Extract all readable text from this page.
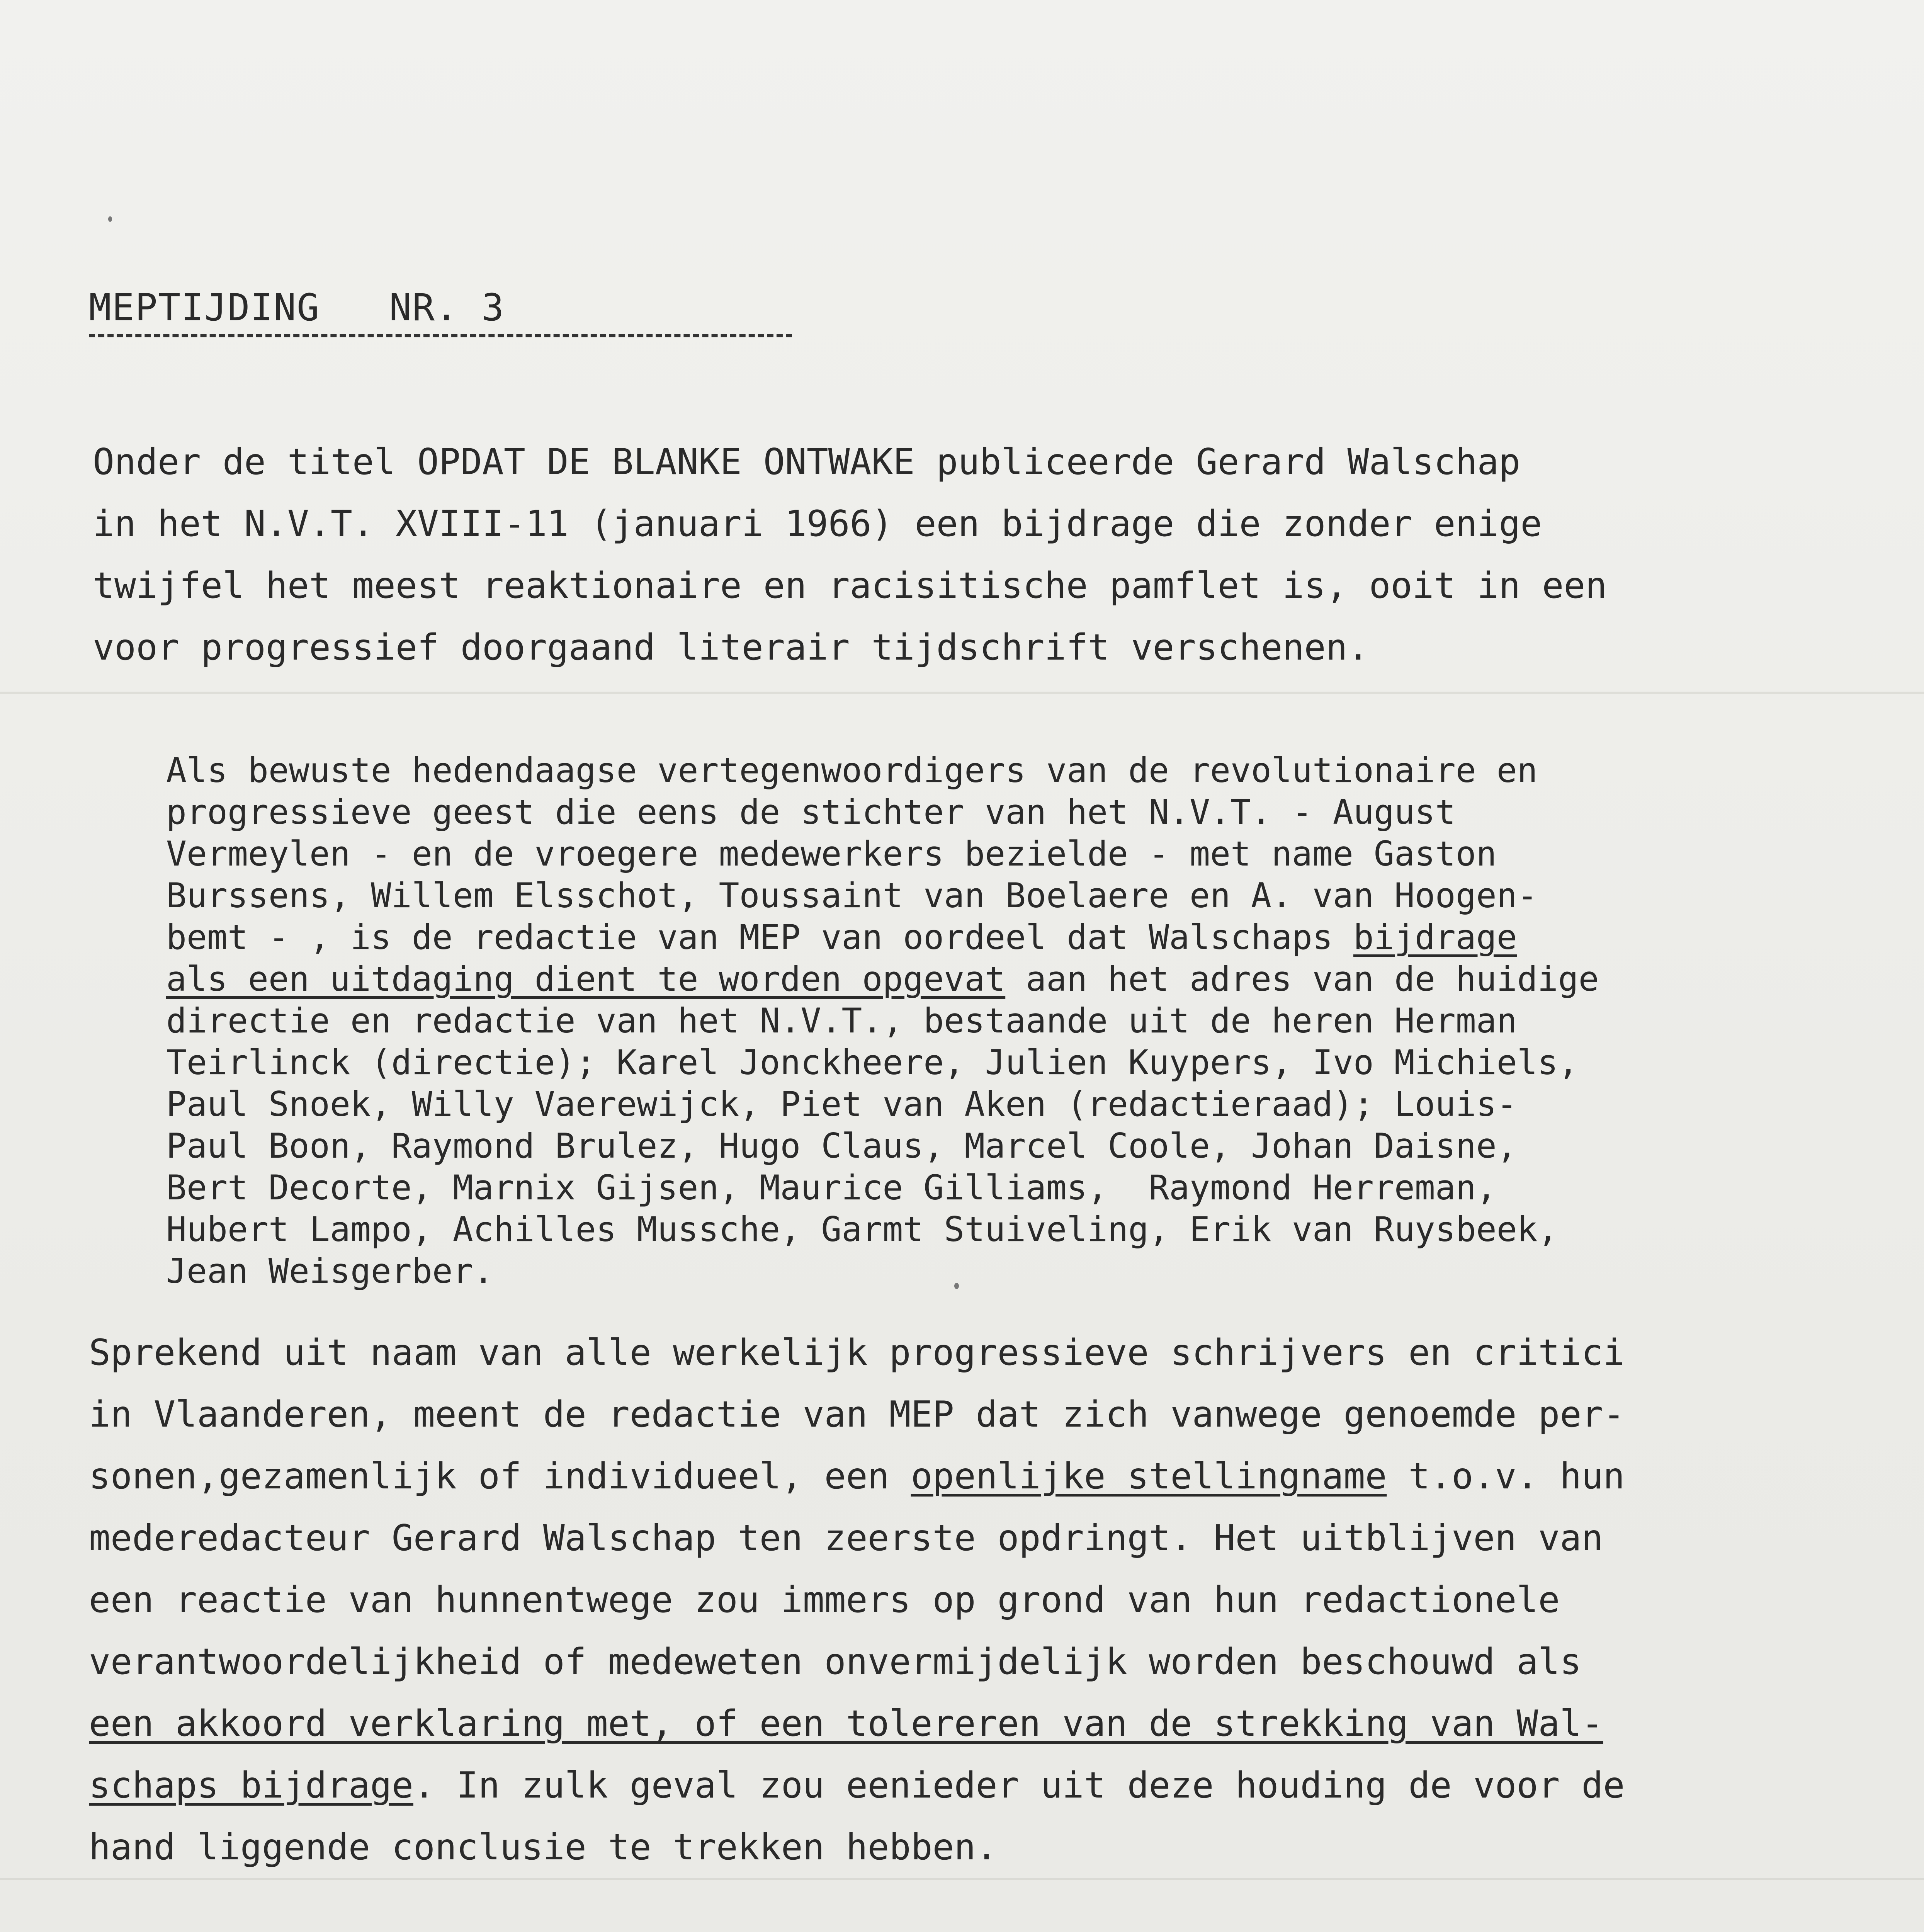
MEPTIJDING   NR. 3
Onder de titel OPDAT DE BLANKE ONTWAKE publiceerde Gerard Walschap
in het N.V.T. XVIII-11 (januari 1966) een bijdrage die zonder enige
twijfel het meest reaktionaire en racisitische pamflet is, ooit in een
voor progressief doorgaand literair tijdschrift verschenen.
Als bewuste hedendaagse vertegenwoordigers van de revolutionaire en
progressieve geest die eens de stichter van het N.V.T. - August
Vermeylen - en de vroegere medewerkers bezielde - met name Gaston
Burssens, Willem Elsschot, Toussaint van Boelaere en A. van Hoogen-
bemt - , is de redactie van MEP van oordeel dat Walschaps bijdrage
als een uitdaging dient te worden opgevat aan het adres van de huidige
directie en redactie van het N.V.T., bestaande uit de heren Herman
Teirlinck (directie); Karel Jonckheere, Julien Kuypers, Ivo Michiels,
Paul Snoek, Willy Vaerewijck, Piet van Aken (redactieraad); Louis-
Paul Boon, Raymond Brulez, Hugo Claus, Marcel Coole, Johan Daisne,
Bert Decorte, Marnix Gijsen, Maurice Gilliams,  Raymond Herreman,
Hubert Lampo, Achilles Mussche, Garmt Stuiveling, Erik van Ruysbeek,
Jean Weisgerber.
Sprekend uit naam van alle werkelijk progressieve schrijvers en critici
in Vlaanderen, meent de redactie van MEP dat zich vanwege genoemde per-
sonen,gezamenlijk of individueel, een openlijke stellingname t.o.v. hun
mederedacteur Gerard Walschap ten zeerste opdringt. Het uitblijven van
een reactie van hunnentwege zou immers op grond van hun redactionele
verantwoordelijkheid of medeweten onvermijdelijk worden beschouwd als
een akkoord verklaring met, of een tolereren van de strekking van Wal-
schaps bijdrage. In zulk geval zou eenieder uit deze houding de voor de
hand liggende conclusie te trekken hebben.
